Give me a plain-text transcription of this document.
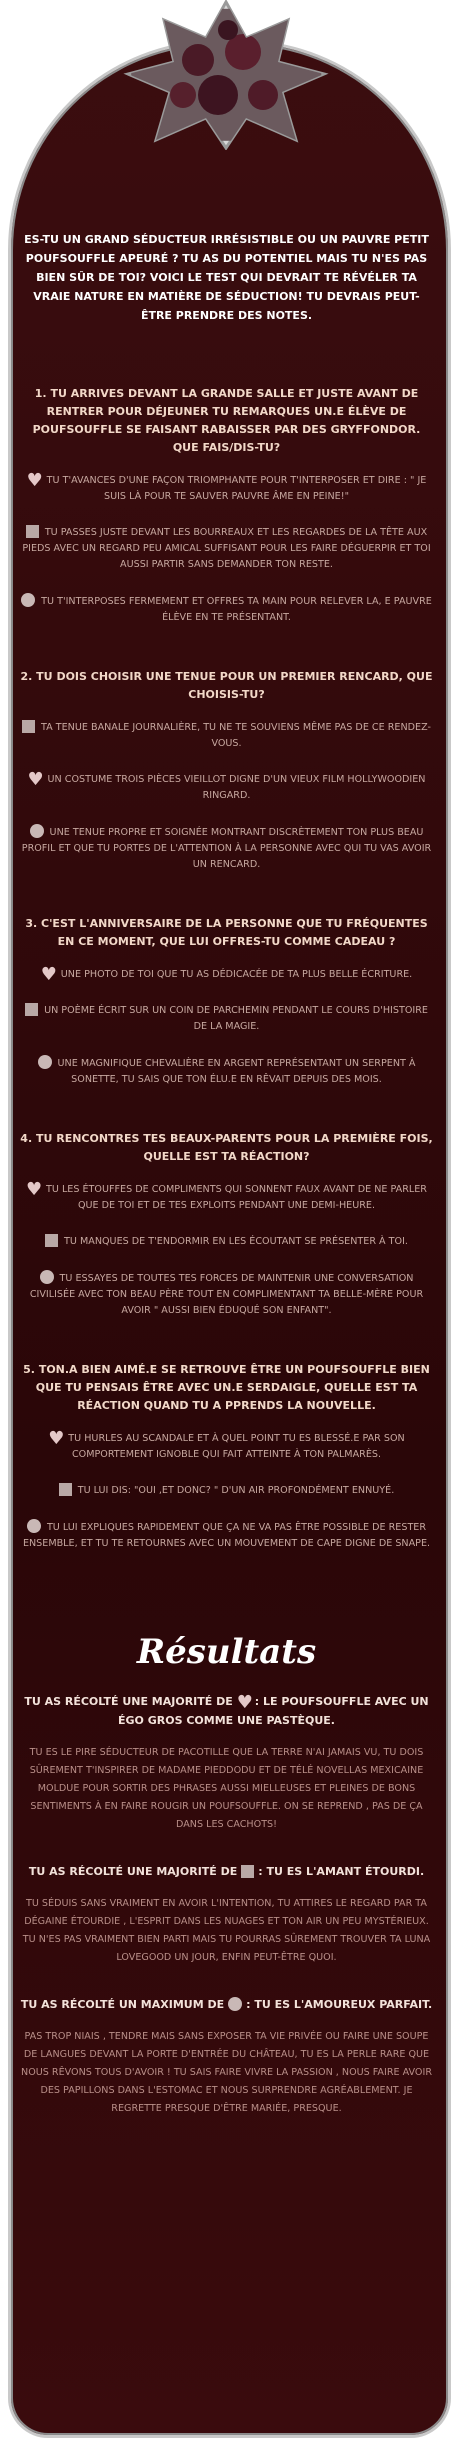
ES-TU UN GRAND SÉDUCTEUR IRRÉSISTIBLE OU UN PAUVRE PETIT POUFSOUFFLE APEURÉ ? TU AS DU POTENTIEL MAIS TU N'ES PAS BIEN SÛR DE TOI? VOICI LE TEST QUI DEVRAIT TE RÉVÉLER TA VRAIE NATURE EN MATIÈRE DE SÉDUCTION! TU DEVRAIS PEUT-ÊTRE PRENDRE DES NOTES.

1. TU ARRIVES DEVANT LA GRANDE SALLE ET JUSTE AVANT DE RENTRER POUR DÉJEUNER TU REMARQUES UN.E ÉLÈVE DE POUFSOUFFLE SE FAISANT RABAISSER PAR DES GRYFFONDOR. QUE FAIS/DIS-TU?

♥ TU T'AVANCES D'UNE FAÇON TRIOMPHANTE POUR T'INTERPOSER ET DIRE : " JE SUIS LÀ POUR TE SAUVER PAUVRE ÂME EN PEINE!"

TU PASSES JUSTE DEVANT LES BOURREAUX ET LES REGARDES DE LA TÊTE AUX PIEDS AVEC UN REGARD PEU AMICAL SUFFISANT POUR LES FAIRE DÉGUERPIR ET TOI AUSSI PARTIR SANS DEMANDER TON RESTE.

TU T'INTERPOSES FERMEMENT ET OFFRES TA MAIN POUR RELEVER LA, E PAUVRE ÉLÈVE EN TE PRÉSENTANT.

2. TU DOIS CHOISIR UNE TENUE POUR UN PREMIER RENCARD, QUE CHOISIS-TU?

TA TENUE BANALE JOURNALIÈRE, TU NE TE SOUVIENS MÊME PAS DE CE RENDEZ-VOUS.

♥ UN COSTUME TROIS PIÈCES VIEILLOT DIGNE D'UN VIEUX FILM HOLLYWOODIEN RINGARD.

UNE TENUE PROPRE ET SOIGNÉE MONTRANT DISCRÈTEMENT TON PLUS BEAU PROFIL ET QUE TU PORTES DE L'ATTENTION À LA PERSONNE AVEC QUI TU VAS AVOIR UN RENCARD.

3. C'EST L'ANNIVERSAIRE DE LA PERSONNE QUE TU FRÉQUENTES EN CE MOMENT, QUE LUI OFFRES-TU COMME CADEAU ?

♥ UNE PHOTO DE TOI QUE TU AS DÉDICACÉE DE TA PLUS BELLE ÉCRITURE.

UN POÈME ÉCRIT SUR UN COIN DE PARCHEMIN PENDANT LE COURS D'HISTOIRE DE LA MAGIE.

UNE MAGNIFIQUE CHEVALIÈRE EN ARGENT REPRÉSENTANT UN SERPENT À SONETTE, TU SAIS QUE TON ÉLU.E EN RÊVAIT DEPUIS DES MOIS.

4. TU RENCONTRES TES BEAUX-PARENTS POUR LA PREMIÈRE FOIS, QUELLE EST TA RÉACTION?

♥ TU LES ÉTOUFFES DE COMPLIMENTS QUI SONNENT FAUX AVANT DE NE PARLER QUE DE TOI ET DE TES EXPLOITS PENDANT UNE DEMI-HEURE.

TU MANQUES DE T'ENDORMIR EN LES ÉCOUTANT SE PRÉSENTER À TOI.

TU ESSAYES DE TOUTES TES FORCES DE MAINTENIR UNE CONVERSATION CIVILISÉE AVEC TON BEAU PÈRE TOUT EN COMPLIMENTANT TA BELLE-MÈRE POUR AVOIR " AUSSI BIEN ÉDUQUÉ SON ENFANT".

5. TON.A BIEN AIMÉ.E SE RETROUVE ÊTRE UN POUFSOUFFLE BIEN QUE TU PENSAIS ÊTRE AVEC UN.E SERDAIGLE, QUELLE EST TA RÉACTION QUAND TU A PPRENDS LA NOUVELLE.

♥ TU HURLES AU SCANDALE ET À QUEL POINT TU ES BLESSÉ.E PAR SON COMPORTEMENT IGNOBLE QUI FAIT ATTEINTE À TON PALMARÈS.

TU LUI DIS: "OUI ,ET DONC? " D'UN AIR PROFONDÉMENT ENNUYÉ.

TU LUI EXPLIQUES RAPIDEMENT QUE ÇA NE VA PAS ÊTRE POSSIBLE DE RESTER ENSEMBLE, ET TU TE RETOURNES AVEC UN MOUVEMENT DE CAPE DIGNE DE SNAPE.

Résultats

TU AS RÉCOLTÉ UNE MAJORITÉ DE ♥ : LE POUFSOUFFLE AVEC UN ÉGO GROS COMME UNE PASTÈQUE.

TU ES LE PIRE SÉDUCTEUR DE PACOTILLE QUE LA TERRE N'AI JAMAIS VU, TU DOIS SÛREMENT T'INSPIRER DE MADAME PIEDDODU ET DE TÉLÉ NOVELLAS MEXICAINE MOLDUE POUR SORTIR DES PHRASES AUSSI MIELLEUSES ET PLEINES DE BONS SENTIMENTS À EN FAIRE ROUGIR UN POUFSOUFFLE. ON SE REPREND , PAS DE ÇA DANS LES CACHOTS!

TU AS RÉCOLTÉ UNE MAJORITÉ DE : TU ES L'AMANT ÉTOURDI.

TU SÉDUIS SANS VRAIMENT EN AVOIR L'INTENTION, TU ATTIRES LE REGARD PAR TA DÉGAINE ÉTOURDIE , L'ESPRIT DANS LES NUAGES ET TON AIR UN PEU MYSTÉRIEUX. TU N'ES PAS VRAIMENT BIEN PARTI MAIS TU POURRAS SÛREMENT TROUVER TA LUNA LOVEGOOD UN JOUR, ENFIN PEUT-ÊTRE QUOI.

TU AS RÉCOLTÉ UN MAXIMUM DE : TU ES L'AMOUREUX PARFAIT.

PAS TROP NIAIS , TENDRE MAIS SANS EXPOSER TA VIE PRIVÉE OU FAIRE UNE SOUPE DE LANGUES DEVANT LA PORTE D'ENTRÉE DU CHÂTEAU, TU ES LA PERLE RARE QUE NOUS RÊVONS TOUS D'AVOIR ! TU SAIS FAIRE VIVRE LA PASSION , NOUS FAIRE AVOIR DES PAPILLONS DANS L'ESTOMAC ET NOUS SURPRENDRE AGRÉABLEMENT. JE REGRETTE PRESQUE D'ÊTRE MARIÉE, PRESQUE.
